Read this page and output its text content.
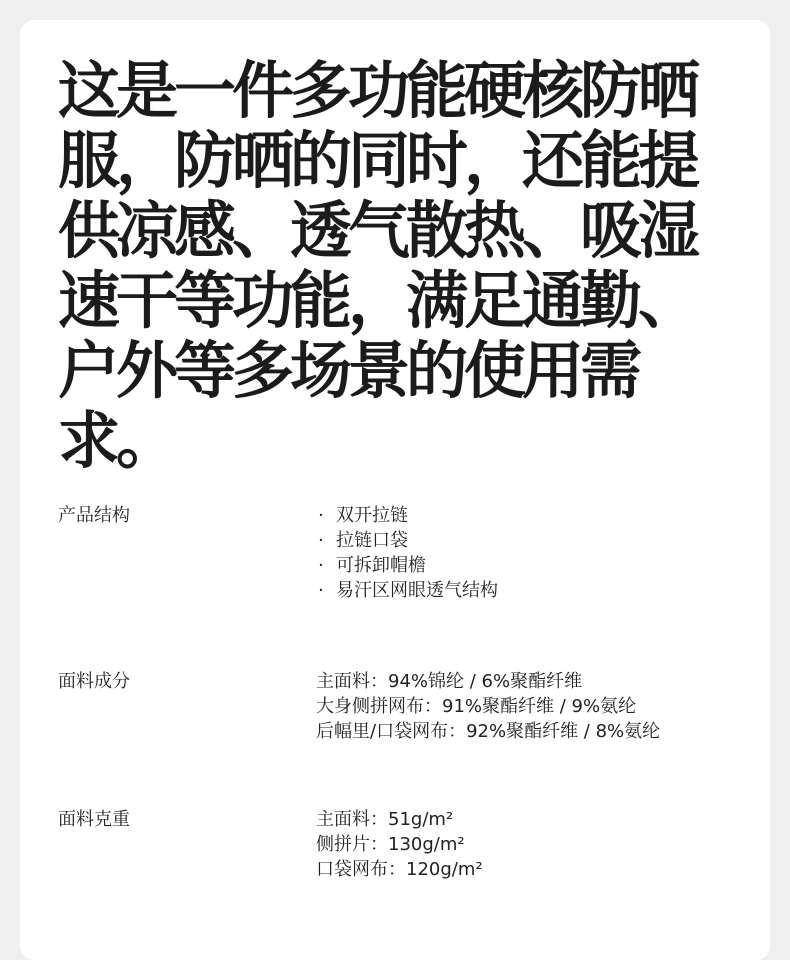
这是一件多功能硬核防晒服，防晒的同时，还能提供凉感、透气散热、吸湿速干等功能，满足通勤、户外等多场景的使用需求。
产品结构	· 双开拉链
· 拉链口袋
· 可拆卸帽檐
· 易汗区网眼透气结构
面料成分	主面料：94%锦纶 / 6%聚酯纤维
大身侧拼网布：91%聚酯纤维 / 9%氨纶
后幅里/口袋网布：92%聚酯纤维 / 8%氨纶
面料克重	主面料：51g/m²
侧拼片：130g/m²
口袋网布：120g/m²
